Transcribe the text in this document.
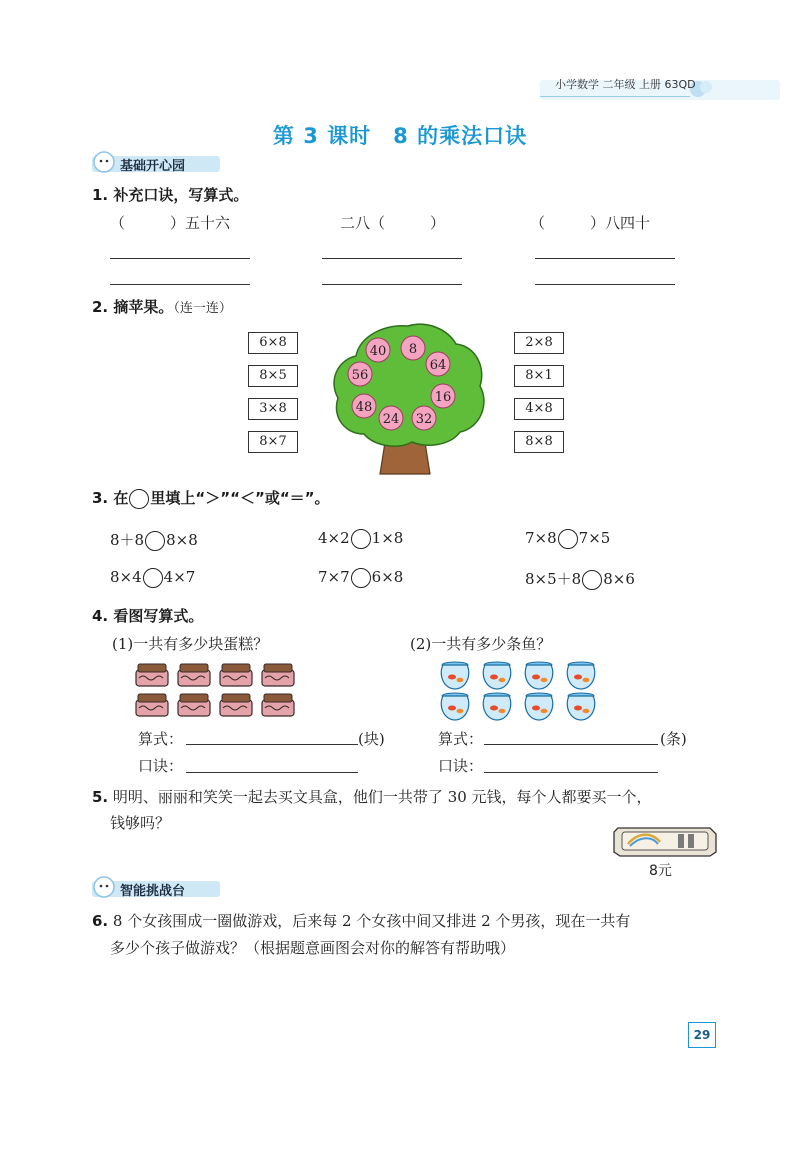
小学数学 二年级 上册 63QD
第 3 课时　8 的乘法口诀
基础开心园
1. 补充口诀，写算式。
（　　　）五十六	二八（　　　）	（　　　）八四十
2. 摘苹果。（连一连）
6×8
8×5
3×8
8×7
2×8
8×1
4×8
8×8
40 8
64
56
16
48
24 32
3. 在 里填上“＞”“＜”或“＝”。
8＋8 8×8	4×2 1×8	7×8 7×5
8×4 4×7	7×7 6×8	8×5＋8 8×6
4. 看图写算式。
(1)一共有多少块蛋糕？	(2)一共有多少条鱼？
算式：	(块)
口诀：
算式：	(条)
口诀：
5. 明明、丽丽和笑笑一起去买文具盒，他们一共带了 30 元钱，每个人都要买一个，
钱够吗？
8元
智能挑战台
6. 8 个女孩围成一圈做游戏，后来每 2 个女孩中间又排进 2 个男孩，现在一共有
多少个孩子做游戏？（根据题意画图会对你的解答有帮助哦）
29
